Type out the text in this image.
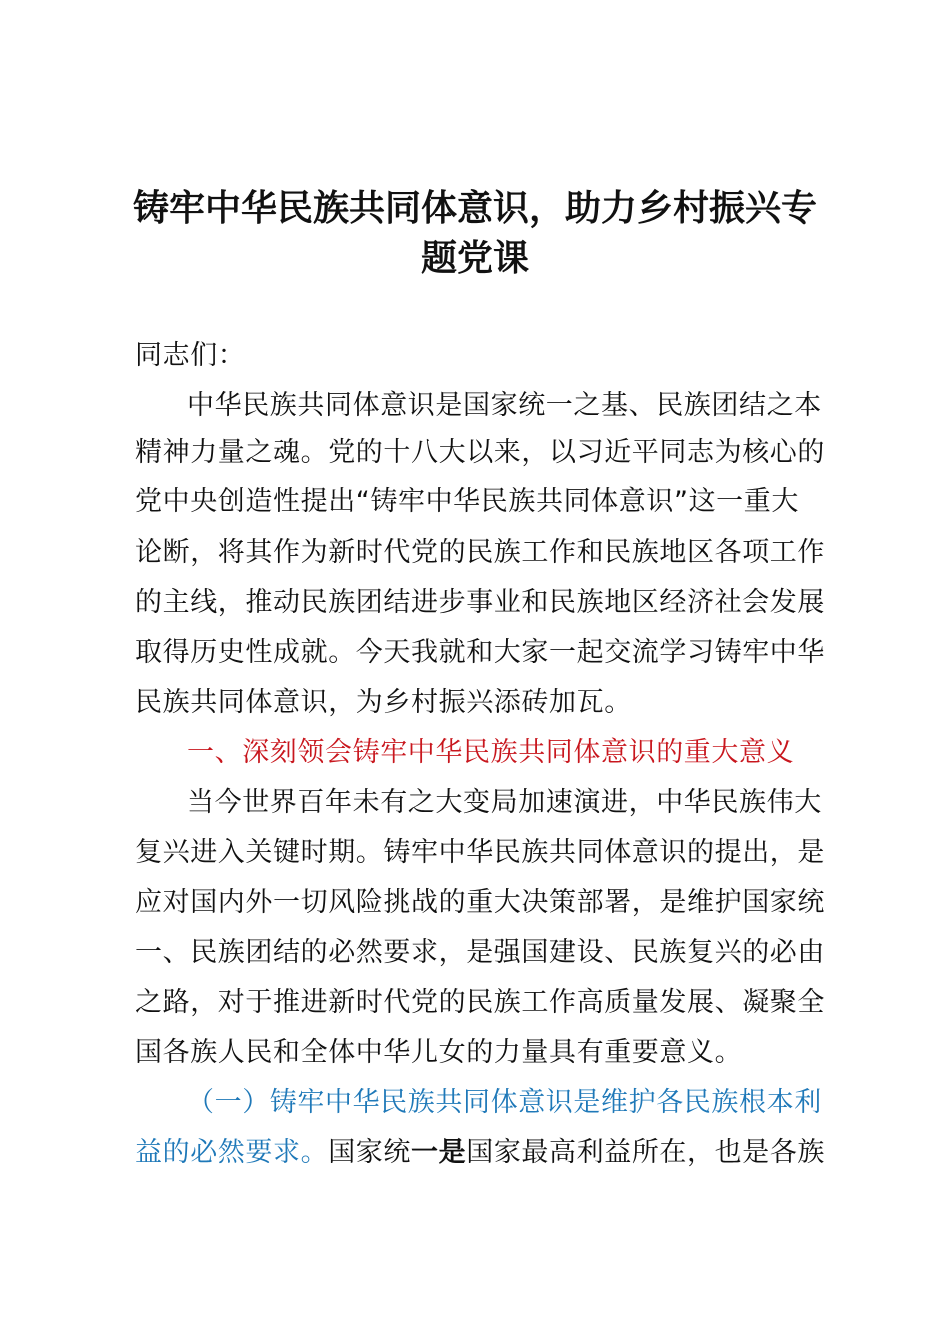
铸牢中华民族共同体意识，助力乡村振兴专
题党课
同志们：
中华民族共同体意识是国家统一之基、民族团结之本
精神力量之魂。党的十八大以来，以习近平同志为核心的
党中央创造性提出“铸牢中华民族共同体意识”这一重大
论断，将其作为新时代党的民族工作和民族地区各项工作
的主线，推动民族团结进步事业和民族地区经济社会发展
取得历史性成就。今天我就和大家一起交流学习铸牢中华
民族共同体意识，为乡村振兴添砖加瓦。
一、深刻领会铸牢中华民族共同体意识的重大意义
当今世界百年未有之大变局加速演进，中华民族伟大
复兴进入关键时期。铸牢中华民族共同体意识的提出，是
应对国内外一切风险挑战的重大决策部署，是维护国家统
一、民族团结的必然要求，是强国建设、民族复兴的必由
之路，对于推进新时代党的民族工作高质量发展、凝聚全
国各族人民和全体中华儿女的力量具有重要意义。
（一）铸牢中华民族共同体意识是维护各民族根本利
益的必然要求。国家统一是国家最高利益所在，也是各族
